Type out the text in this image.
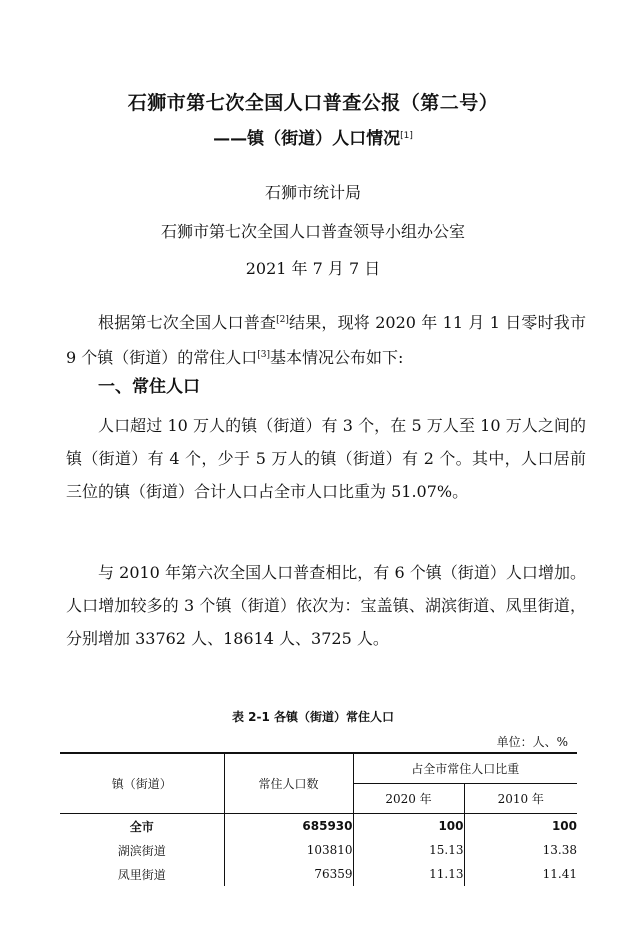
石狮市第七次全国人口普查公报（第二号）
——镇（街道）人口情况[1]
石狮市统计局
石狮市第七次全国人口普查领导小组办公室
2021 年 7 月 7 日

根据第七次全国人口普查[2]结果，现将 2020 年 11 月 1 日零时我市 9 个镇（街道）的常住人口[3]基本情况公布如下:

一、常住人口

人口超过 10 万人的镇（街道）有 3 个，在 5 万人至 10 万人之间的镇（街道）有 4 个，少于 5 万人的镇（街道）有 2 个。其中，人口居前三位的镇（街道）合计人口占全市人口比重为 51.07%。

与 2010 年第六次全国人口普查相比，有 6 个镇（街道）人口增加。人口增加较多的 3 个镇（街道）依次为：宝盖镇、湖滨街道、凤里街道，分别增加 33762 人、18614 人、3725 人。

表 2-1 各镇（街道）常住人口
单位：人、%
镇（街道）	常住人口数	占全市常住人口比重	
		2020 年	2010 年
全市	685930	100	100
湖滨街道	103810	15.13	13.38
凤里街道	76359	11.13	11.41
